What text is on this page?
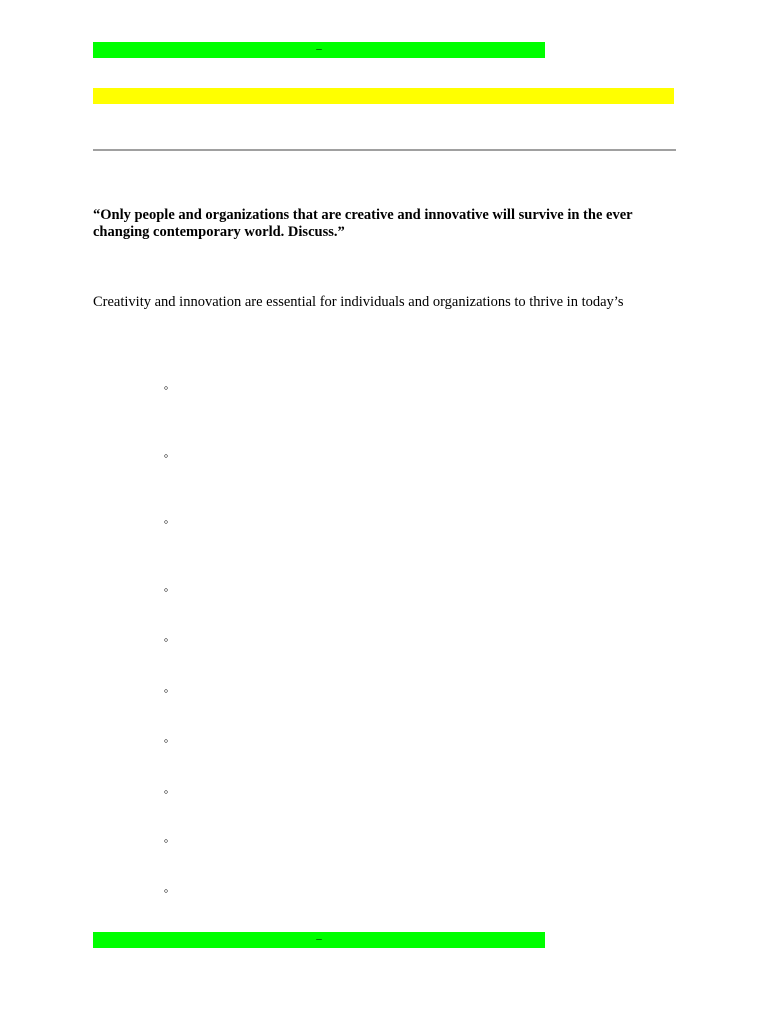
–

“Only people and organizations that are creative and innovative will survive in the ever changing contemporary world. Discuss.”

Creativity and innovation are essential for individuals and organizations to thrive in today’s

◦
◦
◦
◦
◦
◦
◦
◦
◦
◦
–
